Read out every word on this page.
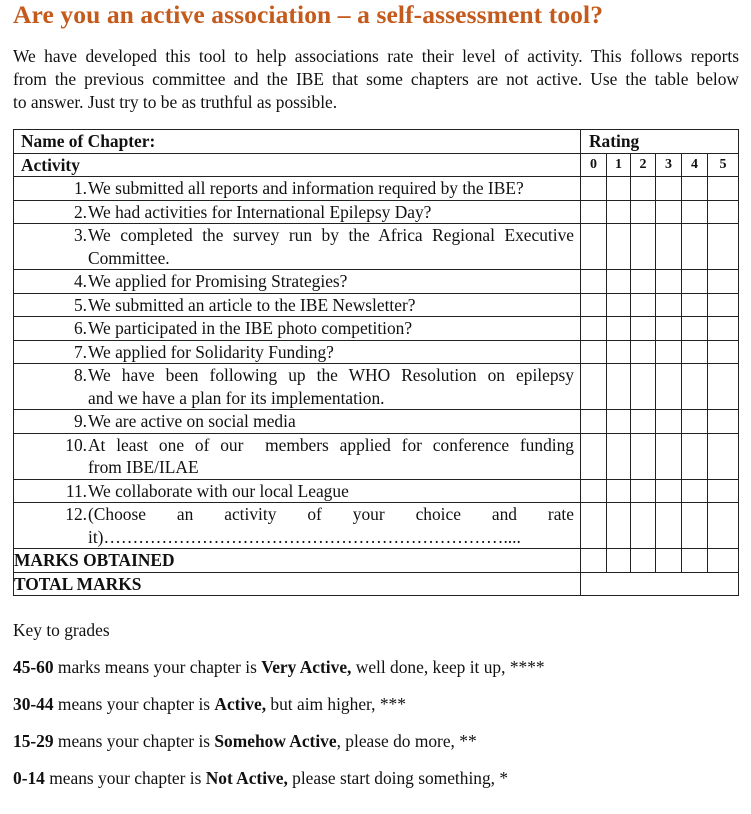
Are you an active association – a self-assessment tool?
We have developed this tool to help associations rate their level of activity. This follows reports
from the previous committee and the IBE that some chapters are not active. Use the table below
to answer. Just try to be as truthful as possible.
Name of Chapter:	Rating					
Activity	0	1	2	3	4	5

1. We submitted all reports and information required by the IBE?						

2. We had activities for International Epilepsy Day?						

3. We completed the survey run by the Africa Regional Executive
Committee.						

4. We applied for Promising Strategies?						

5. We submitted an article to the IBE Newsletter?						

6. We participated in the IBE photo competition?						

7. We applied for Solidarity Funding?						

8. We have been following up the WHO Resolution on epilepsy
and we have a plan for its implementation.						

9. We are active on social media						

10. At least one of our  members applied for conference funding
from IBE/ILAE						

11. We collaborate with our local League						

12. (Choose an activity of your choice and rate
it)……………………………………………………………....						

MARKS OBTAINED						
TOTAL MARKS						

Key to grades

45-60 marks means your chapter is Very Active, well done, keep it up, ****

30-44 means your chapter is Active, but aim higher, ***

15-29 means your chapter is Somehow Active, please do more, **

0-14 means your chapter is Not Active, please start doing something, *
